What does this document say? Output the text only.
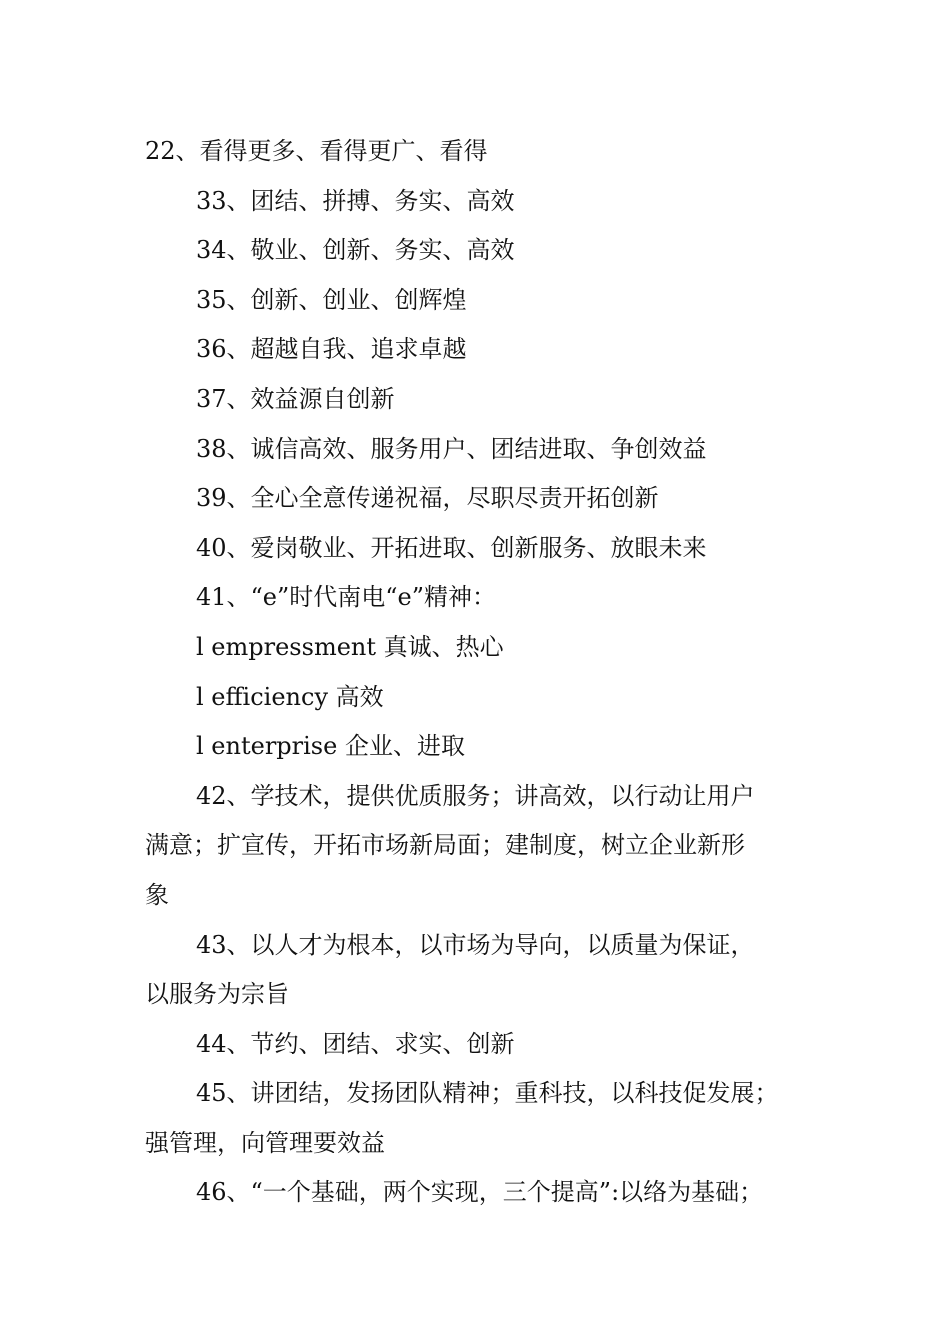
22、看得更多、看得更广、看得
33、团结、拼搏、务实、高效
34、敬业、创新、务实、高效
35、创新、创业、创辉煌
36、超越自我、追求卓越
37、效益源自创新
38、诚信高效、服务用户、团结进取、争创效益
39、全心全意传递祝福，尽职尽责开拓创新
40、爱岗敬业、开拓进取、创新服务、放眼未来
41、“e”时代南电“e”精神：
l empressment 真诚、热心
l efficiency 高效
l enterprise 企业、进取
42、学技术，提供优质服务；讲高效，以行动让用户
满意；扩宣传，开拓市场新局面；建制度，树立企业新形
象
43、以人才为根本，以市场为导向，以质量为保证，
以服务为宗旨
44、节约、团结、求实、创新
45、讲团结，发扬团队精神；重科技，以科技促发展；
强管理，向管理要效益
46、“一个基础，两个实现，三个提高”:以络为基础；
